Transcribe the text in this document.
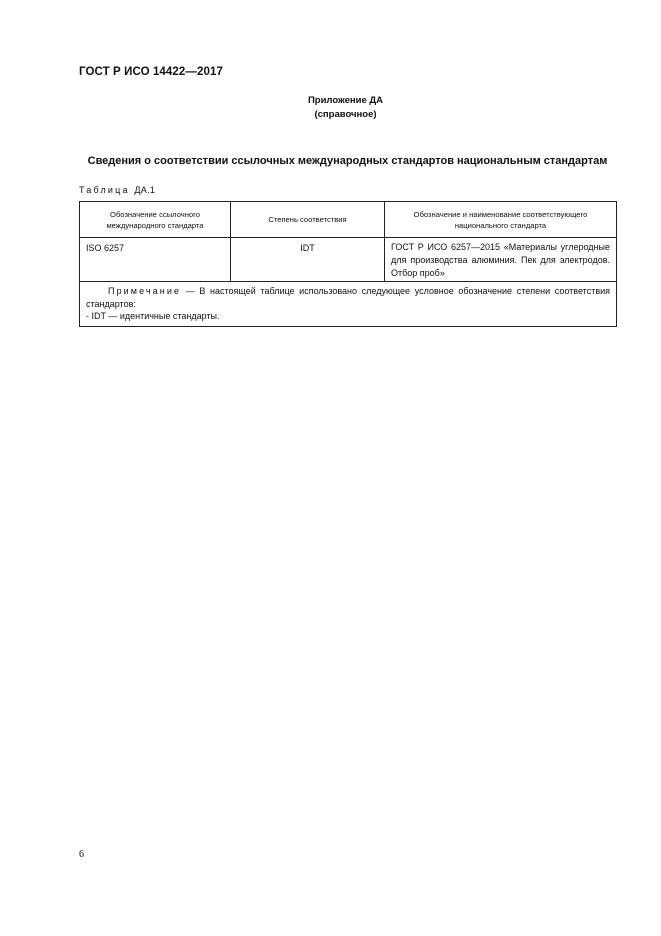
ГОСТ Р ИСО 14422—2017
Приложение ДА
(справочное)
Сведения о соответствии ссылочных международных стандартов национальным стандартам
Таблица ДА.1
Обозначение ссылочного международного стандарта	Степень соответствия	Обозначение и наименование соответствующего национального стандарта
ISO 6257	IDT	ГОСТ Р ИСО 6257—2015 «Материалы углеродные для производства алюминия. Пек для электродов. Отбор проб»

Примечание — В настоящей таблице использовано следующее условное обозначение степени соответствия стандартов:
- IDT — идентичные стандарты.		
6
